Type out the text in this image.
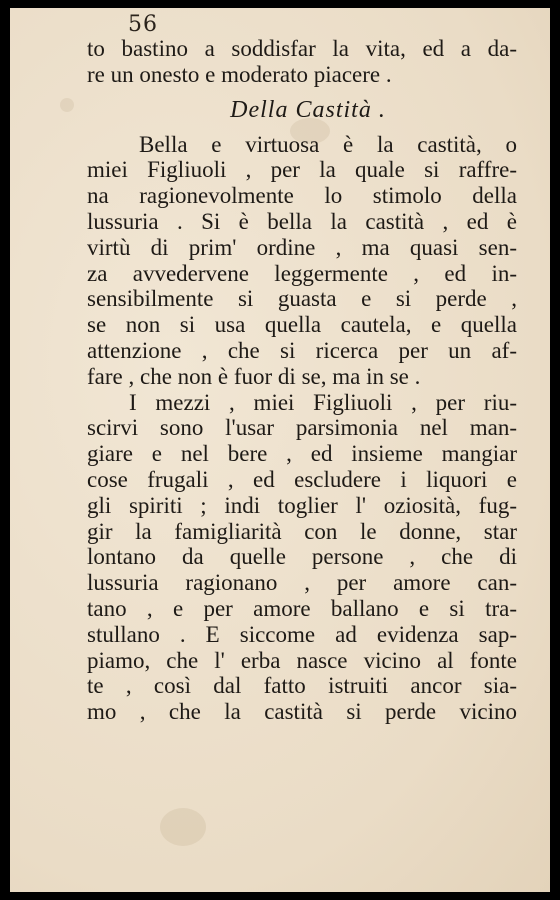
56
to bastino a soddisfar la vita, ed a da-
re un onesto e moderato piacere .
Della Castità .
Bella e virtuosa è la castità, o
miei Figliuoli , per la quale si raffre-
na ragionevolmente lo stimolo della
lussuria . Si è bella la castità , ed è
virtù di prim' ordine , ma quasi sen-
za avvedervene leggermente , ed in-
sensibilmente si guasta e si perde ,
se non si usa quella cautela, e quella
attenzione , che si ricerca per un af-
fare , che non è fuor di se, ma in se .
I mezzi , miei Figliuoli , per riu-
scirvi sono l'usar parsimonia nel man-
giare e nel bere , ed insieme mangiar
cose frugali , ed escludere i liquori e
gli spiriti ; indi toglier l' oziosità, fug-
gir la famigliarità con le donne, star
lontano da quelle persone , che di
lussuria ragionano , per amore can-
tano , e per amore ballano e si tra-
stullano . E siccome ad evidenza sap-
piamo, che l' erba nasce vicino al fonte
te , così dal fatto istruiti ancor sia-
mo , che la castità si perde vicino
